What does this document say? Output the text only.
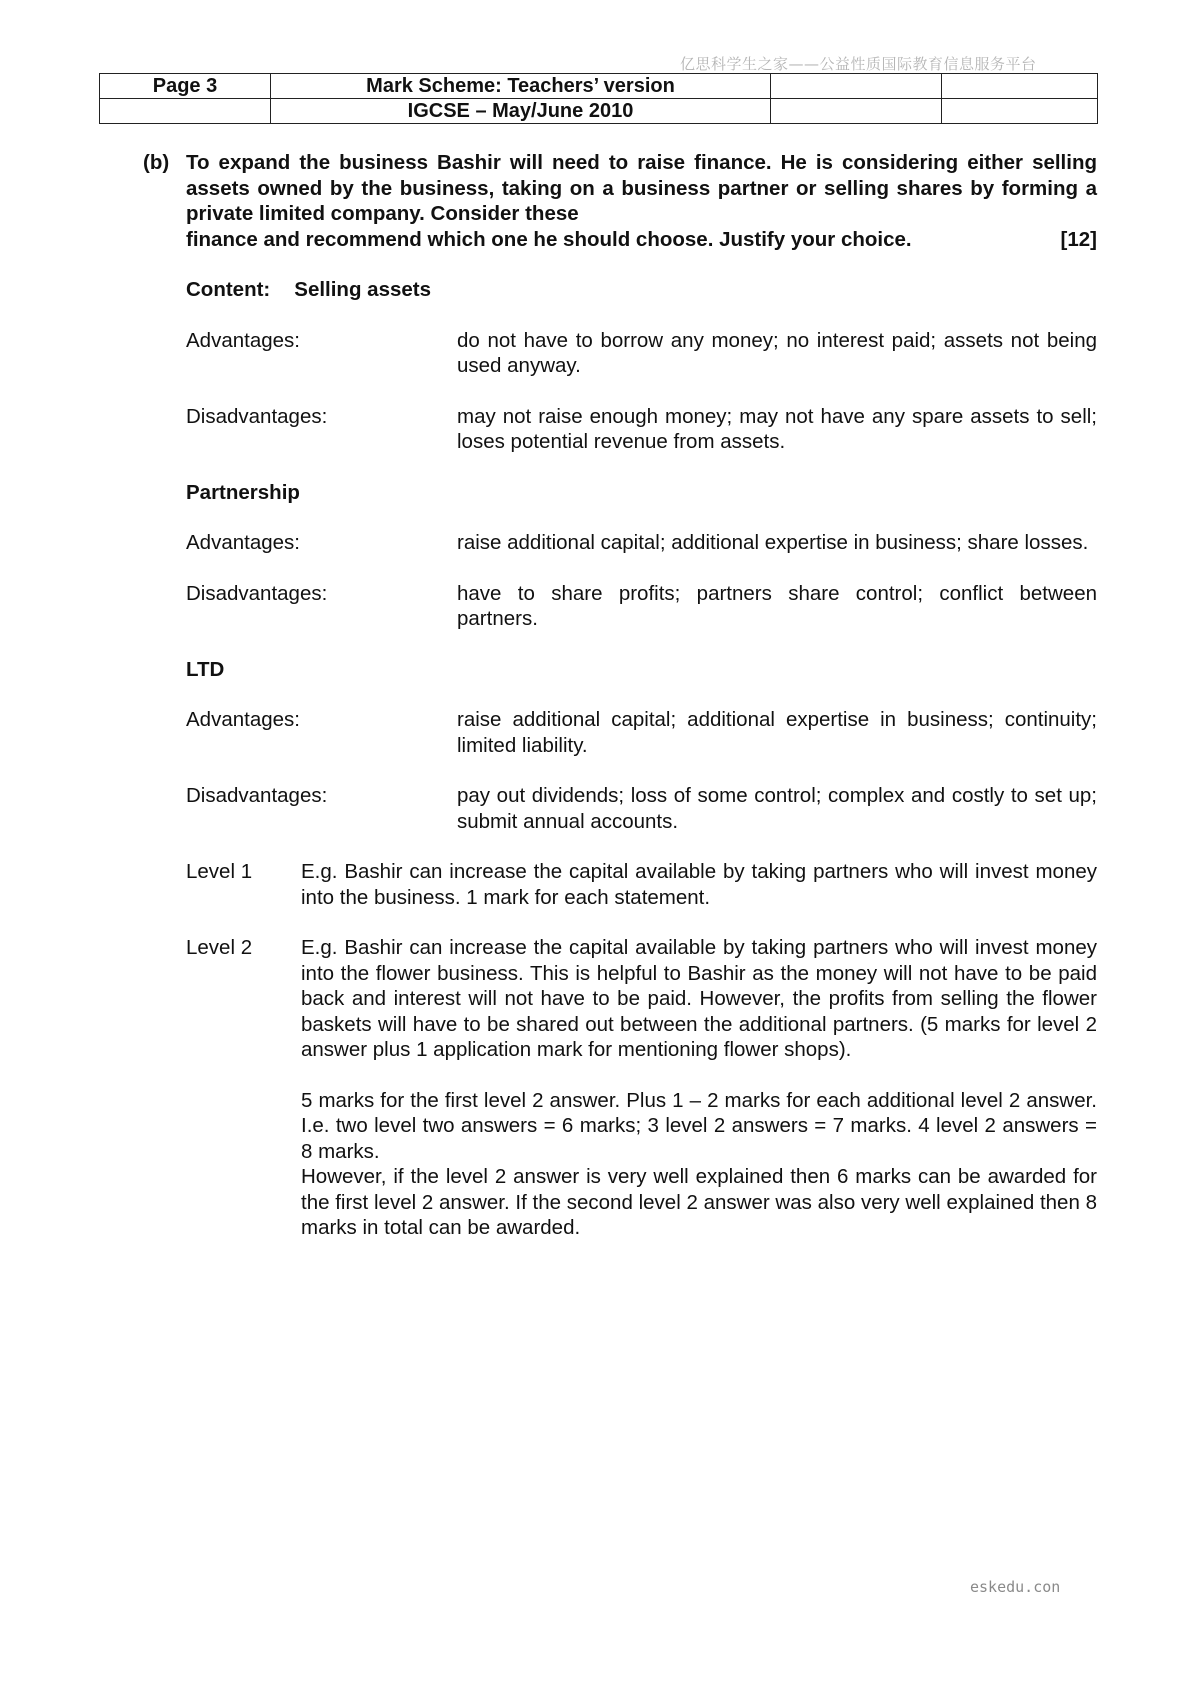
亿思科学生之家——公益性质国际教育信息服务平台
Page 3	Mark Scheme: Teachers’ version		
	IGCSE – May/June 2010		
(b) To expand the business Bashir will need to raise finance. He is considering either selling assets owned by the business, taking on a business partner or selling shares by forming a private limited company. Consider these
finance and recommend which one he should choose. Justify your choice.	[12]
Content: Selling assets
Advantages:	do not have to borrow any money; no interest paid; assets not being used anyway.
Disadvantages:	may not raise enough money; may not have any spare assets to sell; loses potential revenue from assets.
Partnership
Advantages:	raise additional capital; additional expertise in business; share losses.
Disadvantages:	have to share profits; partners share control; conflict between partners.
LTD
Advantages:	raise additional capital; additional expertise in business; continuity; limited liability.
Disadvantages:	pay out dividends; loss of some control; complex and costly to set up; submit annual accounts.
Level 1	E.g. Bashir can increase the capital available by taking partners who will invest money into the business. 1 mark for each statement.
Level 2	E.g. Bashir can increase the capital available by taking partners who will invest money into the flower business. This is helpful to Bashir as the money will not have to be paid back and interest will not have to be paid. However, the profits from selling the flower baskets will have to be shared out between the additional partners. (5 marks for level 2 answer plus 1 application mark for mentioning flower shops).
5 marks for the first level 2 answer. Plus 1 – 2 marks for each additional level 2 answer. I.e. two level two answers = 6 marks; 3 level 2 answers = 7 marks. 4 level 2 answers = 8 marks.
However, if the level 2 answer is very well explained then 6 marks can be awarded for the first level 2 answer. If the second level 2 answer was also very well explained then 8 marks in total can be awarded.
eskedu.con
